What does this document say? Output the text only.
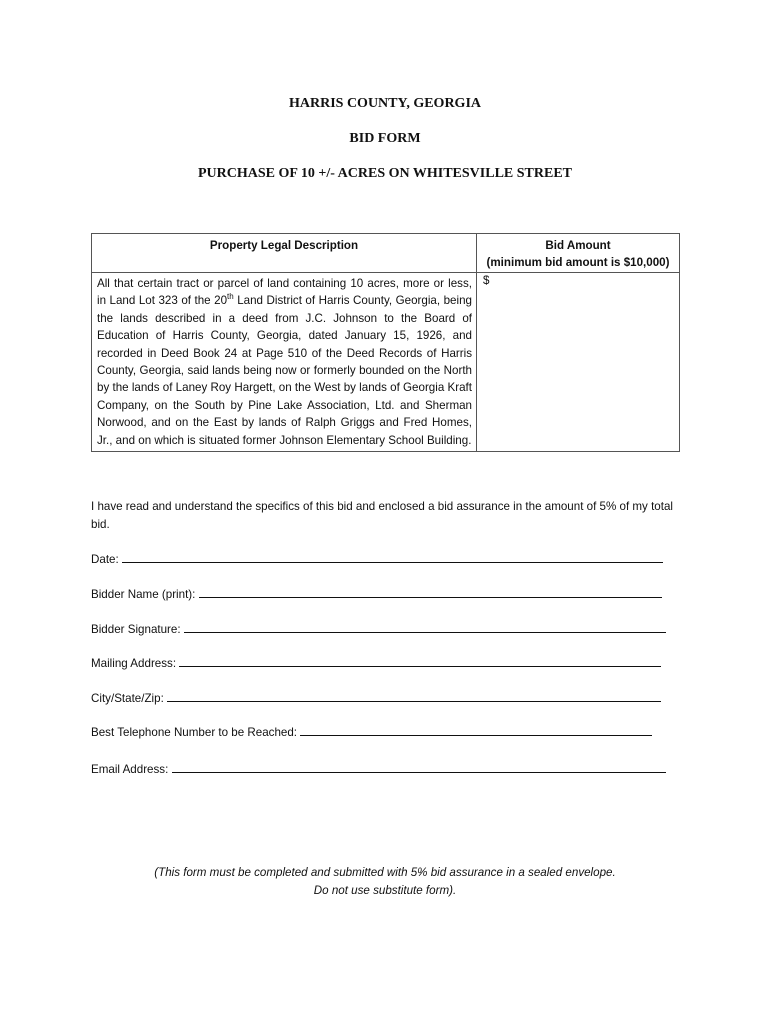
HARRIS COUNTY, GEORGIA
BID FORM
PURCHASE OF 10 +/- ACRES ON WHITESVILLE STREET
Property Legal Description	Bid Amount
(minimum bid amount is $10,000)

All that certain tract or parcel of land containing 10 acres, more or less, in Land Lot 323 of the 20th Land District of Harris County, Georgia, being the lands described in a deed from J.C. Johnson to the Board of Education of Harris County, Georgia, dated January 15, 1926, and recorded in Deed Book 24 at Page 510 of the Deed Records of Harris County, Georgia, said lands being now or formerly bounded on the North by the lands of Laney Roy Hargett, on the West by lands of Georgia Kraft Company, on the South by Pine Lake Association, Ltd. and Sherman Norwood, and on the East by lands of Ralph Griggs and Fred Homes, Jr., and on which is situated former Johnson Elementary School Building.	$
I have read and understand the specifics of this bid and enclosed a bid assurance in the amount of 5% of my total bid.
Date:
Bidder Name (print):
Bidder Signature:
Mailing Address:
City/State/Zip:
Best Telephone Number to be Reached:
Email Address:
(This form must be completed and submitted with 5% bid assurance in a sealed envelope.
Do not use substitute form).
